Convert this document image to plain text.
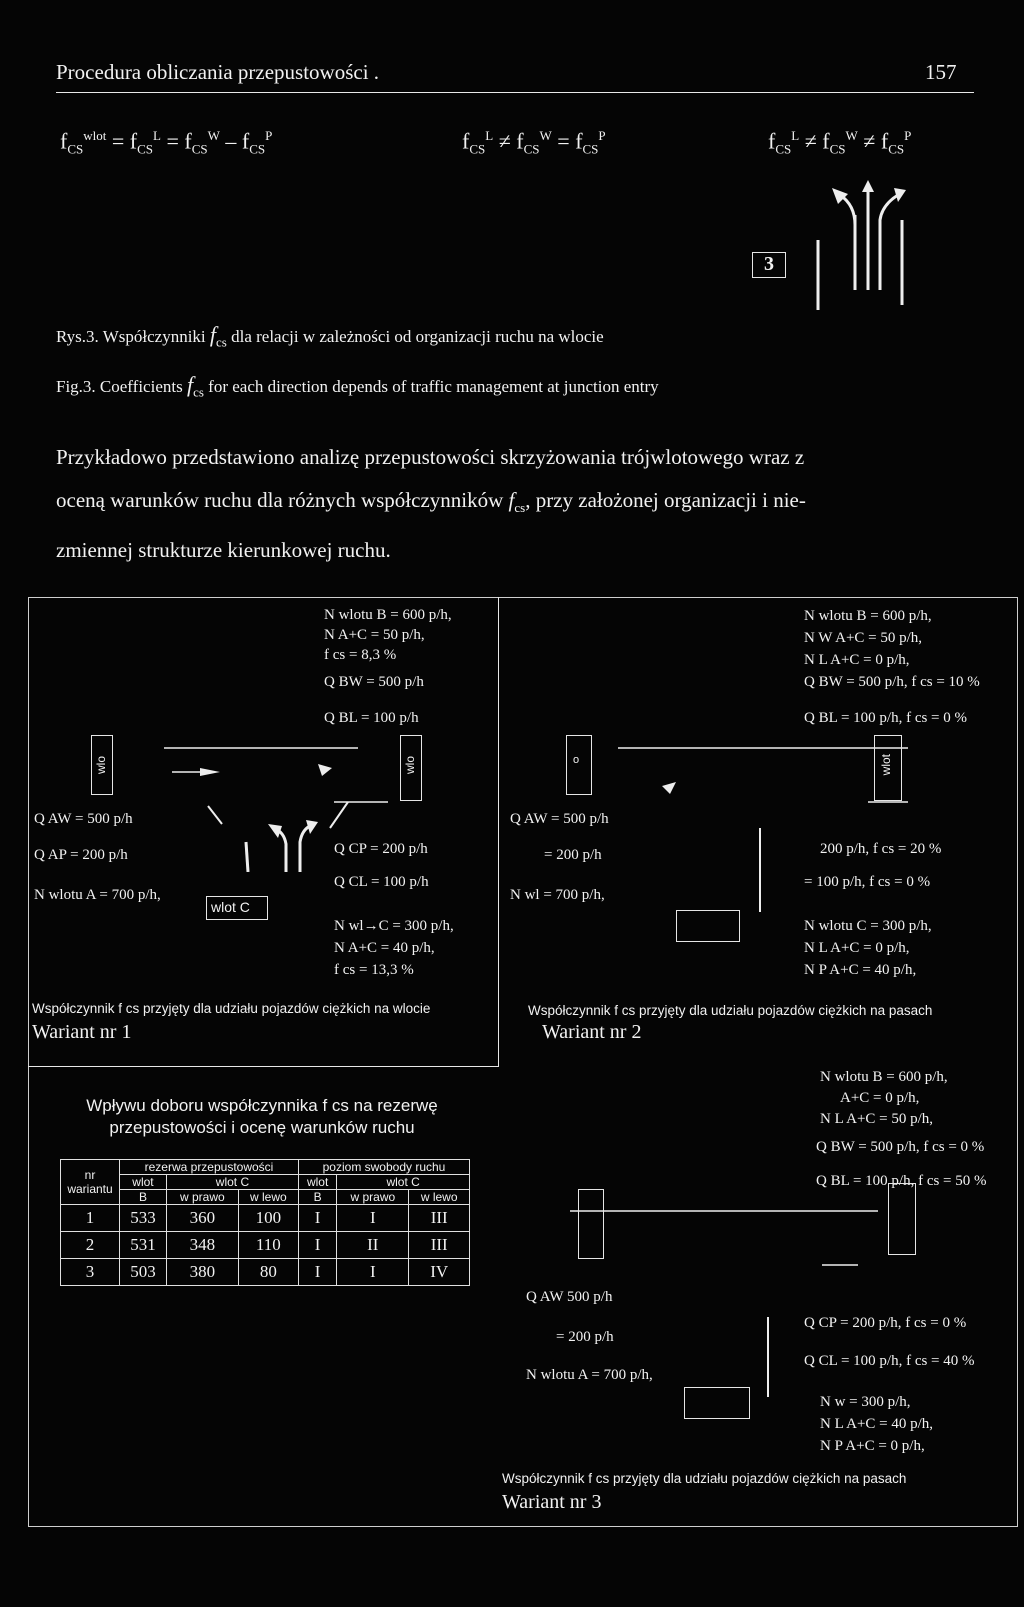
Procedura obliczania przepustowości .	157
$f_{CS}^{wlot} = f_{CS}^L = f_{CS}^W - f_{CS}^P$	$f_{CS}^L \ne f_{CS}^W = f_{CS}^P$	$f_{CS}^L \ne f_{CS}^W \ne f_{CS}^P$
3
Rys.3. Współczynniki $f_{cs}$ dla relacji w zależności od organizacji ruchu na wlocie
Fig.3. Coefficients $f_{cs}$ for each direction depends of traffic management at junction entry
Przykładowo przedstawiono analizę przepustowości skrzyżowania trójwlotowego wraz z
oceną warunków ruchu dla różnych współczynników $f_{cs}$, przy założonej organizacji i nie-
zmiennej strukturze kierunkowej ruchu.
N wlotu B = 600 p/h,
N A+C = 50 p/h,
f cs = 8,3 %
Q BW = 500 p/h
Q BL = 100 p/h
wlo	wlo
Q AW = 500 p/h
Q AP = 200 p/h
N wlotu A = 700 p/h,
wlot C
Q CP = 200 p/h
Q CL = 100 p/h
N wl→C = 300 p/h,
N A+C = 40 p/h,
f cs = 13,3 %
Współczynnik f cs przyjęty dla udziału pojazdów ciężkich na wlocie
Wariant nr 1
N wlotu B = 600 p/h,
N W A+C = 50 p/h,
N L A+C = 0 p/h,
Q BW = 500 p/h, f cs = 10 %
Q BL = 100 p/h, f cs = 0 %
o	wlot
Q AW = 500 p/h
= 200 p/h
N wl = 700 p/h,
200 p/h, f cs = 20 %
= 100 p/h, f cs = 0 %
N wlotu C = 300 p/h,
N L A+C = 0 p/h,
N P A+C = 40 p/h,
Współczynnik f cs przyjęty dla udziału pojazdów ciężkich na pasach
Wariant nr 2
Wpływu doboru współczynnika f cs na rezerwę
przepustowości i ocenę warunków ruchu
nr wariantu	rezerwa przepustowości			poziom swobody ruchu		
	wlot	wlot C		wlot	wlot C	
	B	w prawo	w lewo	B	w prawo	w lewo
1	533	360	100	I	I	III
2	531	348	110	I	II	III
3	503	380	80	I	I	IV
N wlotu B = 600 p/h,
A+C = 0 p/h,
N L A+C = 50 p/h,
Q BW = 500 p/h, f cs = 0 %
Q BL = 100 p/h, f cs = 50 %
Q AW 500 p/h
= 200 p/h
N wlotu A = 700 p/h,
Q CP = 200 p/h, f cs = 0 %
Q CL = 100 p/h, f cs = 40 %
N w = 300 p/h,
N L A+C = 40 p/h,
N P A+C = 0 p/h,
Współczynnik f cs przyjęty dla udziału pojazdów ciężkich na pasach
Wariant nr 3
